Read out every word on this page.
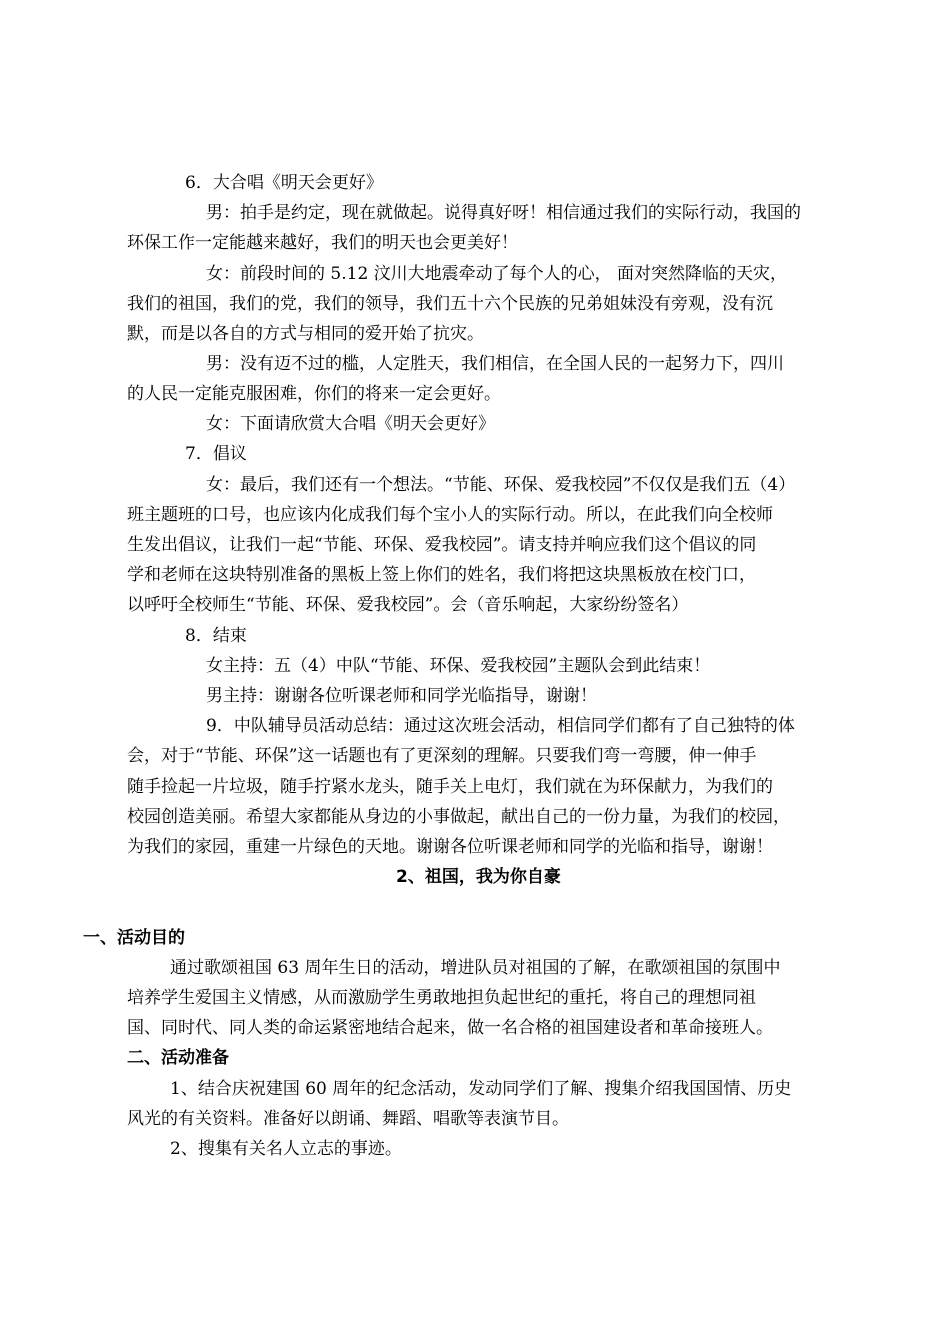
6．大合唱《明天会更好》
男：拍手是约定，现在就做起。说得真好呀！相信通过我们的实际行动，我国的
环保工作一定能越来越好，我们的明天也会更美好！
女：前段时间的 5.12 汶川大地震牵动了每个人的心， 面对突然降临的天灾，
我们的祖国，我们的党，我们的领导，我们五十六个民族的兄弟姐妹没有旁观，没有沉
默，而是以各自的方式与相同的爱开始了抗灾。
男：没有迈不过的槛，人定胜天，我们相信，在全国人民的一起努力下，四川
的人民一定能克服困难，你们的将来一定会更好。
女：下面请欣赏大合唱《明天会更好》
7．倡议
女：最后，我们还有一个想法。“节能、环保、爱我校园”不仅仅是我们五（4）
班主题班的口号，也应该内化成我们每个宝小人的实际行动。所以，在此我们向全校师
生发出倡议，让我们一起“节能、环保、爱我校园”。请支持并响应我们这个倡议的同
学和老师在这块特别准备的黑板上签上你们的姓名，我们将把这块黑板放在校门口，
以呼吁全校师生“节能、环保、爱我校园”。会（音乐响起，大家纷纷签名）
8．结束
女主持：五（4）中队“节能、环保、爱我校园”主题队会到此结束！
男主持：谢谢各位听课老师和同学光临指导，谢谢！
9．中队辅导员活动总结：通过这次班会活动，相信同学们都有了自己独特的体
会，对于“节能、环保”这一话题也有了更深刻的理解。只要我们弯一弯腰，伸一伸手
随手捡起一片垃圾，随手拧紧水龙头，随手关上电灯，我们就在为环保献力，为我们的
校园创造美丽。希望大家都能从身边的小事做起，献出自己的一份力量，为我们的校园，
为我们的家园，重建一片绿色的天地。谢谢各位听课老师和同学的光临和指导，谢谢！
2、祖国，我为你自豪
一、活动目的
通过歌颂祖国 63 周年生日的活动，增进队员对祖国的了解，在歌颂祖国的氛围中
培养学生爱国主义情感，从而激励学生勇敢地担负起世纪的重托，将自己的理想同祖
国、同时代、同人类的命运紧密地结合起来，做一名合格的祖国建设者和革命接班人。
二、活动准备
1、结合庆祝建国 60 周年的纪念活动，发动同学们了解、搜集介绍我国国情、历史
风光的有关资料。准备好以朗诵、舞蹈、唱歌等表演节目。
2、搜集有关名人立志的事迹。
